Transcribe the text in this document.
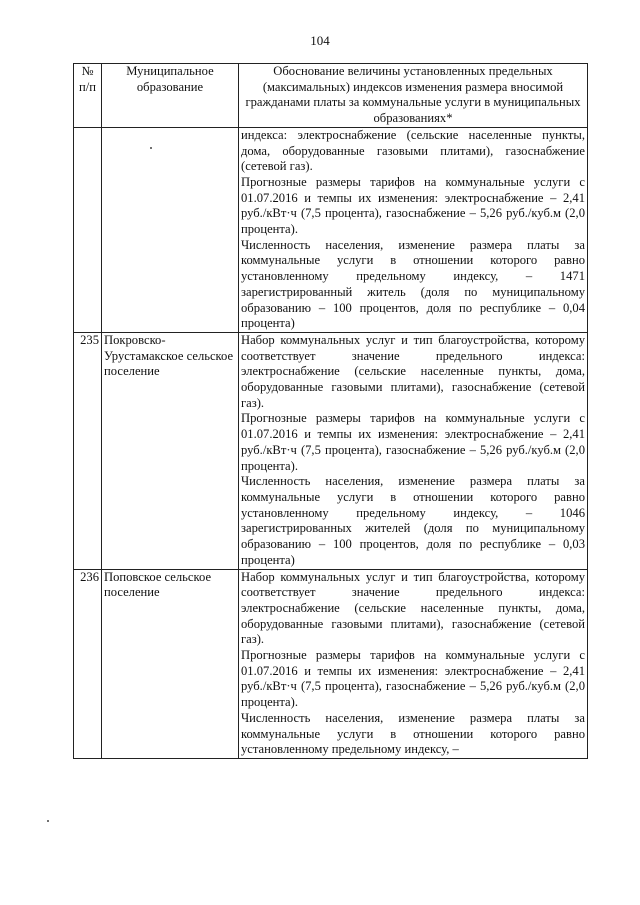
104
№ п/п	Муниципальное образование	Обоснование величины установленных предельных (максимальных) индексов изменения размера вносимой гражданами платы за коммунальные услуги в муниципальных образованиях*

		индекса: электроснабжение (сельские населенные пункты, дома, оборудованные газовыми плитами), газоснабжение (сетевой газ).

Прогнозные размеры тарифов на коммунальные услуги с 01.07.2016 и темпы их изменения: электроснабжение – 2,41 руб./кВт·ч (7,5 процента), газоснабжение – 5,26 руб./куб.м (2,0 процента).

Численность населения, изменение размера платы за коммунальные услуги в отношении которого равно установленному предельному индексу, – 1471 зарегистрированный житель (доля по муниципальному образованию – 100 процентов, доля по республике – 0,04 процента)

235	Покровско-Урустамакское сельское поселение	Набор коммунальных услуг и тип благоустройства, которому соответствует значение предельного индекса: электроснабжение (сельские населенные пункты, дома, оборудованные газовыми плитами), газоснабжение (сетевой газ).

Прогнозные размеры тарифов на коммунальные услуги с 01.07.2016 и темпы их изменения: электроснабжение – 2,41 руб./кВт·ч (7,5 процента), газоснабжение – 5,26 руб./куб.м (2,0 процента).

Численность населения, изменение размера платы за коммунальные услуги в отношении которого равно установленному предельному индексу, – 1046 зарегистрированных жителей (доля по муниципальному образованию – 100 процентов, доля по республике – 0,03 процента)

236	Поповское сельское поселение	Набор коммунальных услуг и тип благоустройства, которому соответствует значение предельного индекса: электроснабжение (сельские населенные пункты, дома, оборудованные газовыми плитами), газоснабжение (сетевой газ).

Прогнозные размеры тарифов на коммунальные услуги с 01.07.2016 и темпы их изменения: электроснабжение – 2,41 руб./кВт·ч (7,5 процента), газоснабжение – 5,26 руб./куб.м (2,0 процента).

Численность населения, изменение размера платы за коммунальные услуги в отношении которого равно установленному предельному индексу, –
